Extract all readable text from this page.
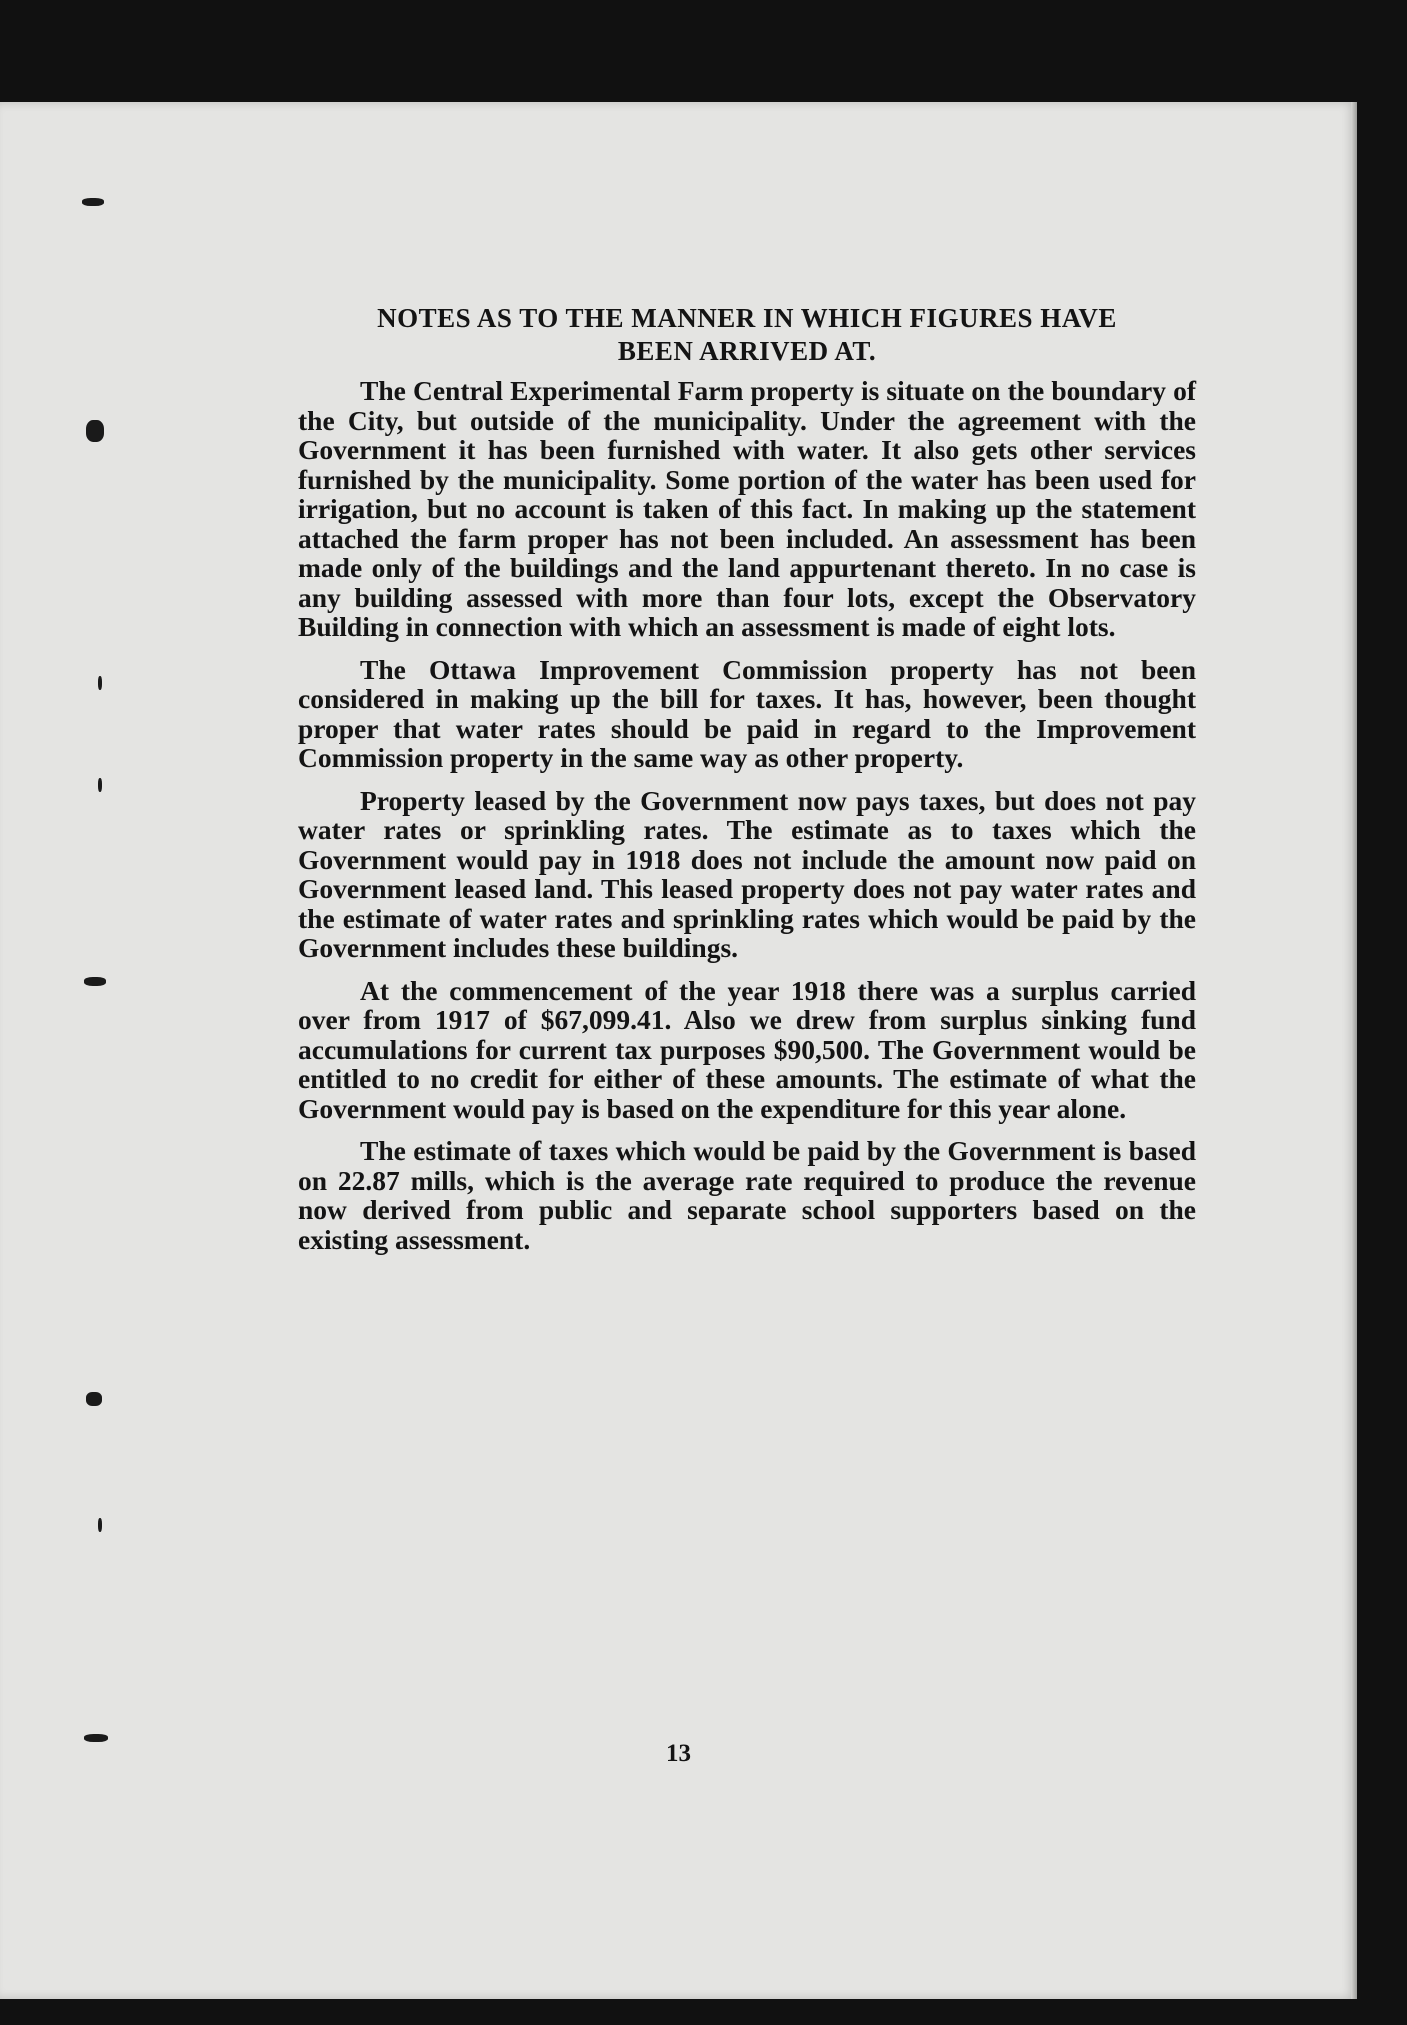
NOTES AS TO THE MANNER IN WHICH FIGURES HAVE
BEEN ARRIVED AT.

The Central Experimental Farm property is situate on the boundary of the City, but outside of the municipality. Under the agreement with the Government it has been furnished with water. It also gets other services furnished by the municipality. Some portion of the water has been used for irrigation, but no account is taken of this fact. In making up the statement attached the farm proper has not been included. An assessment has been made only of the buildings and the land appurtenant thereto. In no case is any building assessed with more than four lots, except the Observatory Building in connection with which an assessment is made of eight lots.

The Ottawa Improvement Commission property has not been considered in making up the bill for taxes. It has, however, been thought proper that water rates should be paid in regard to the Improvement Commission property in the same way as other property.

Property leased by the Government now pays taxes, but does not pay water rates or sprinkling rates. The estimate as to taxes which the Government would pay in 1918 does not include the amount now paid on Government leased land. This leased property does not pay water rates and the estimate of water rates and sprinkling rates which would be paid by the Government includes these buildings.

At the commencement of the year 1918 there was a surplus carried over from 1917 of $67,099.41. Also we drew from surplus sinking fund accumulations for current tax purposes $90,500. The Government would be entitled to no credit for either of these amounts. The estimate of what the Government would pay is based on the expenditure for this year alone.

The estimate of taxes which would be paid by the Government is based on 22.87 mills, which is the average rate required to produce the revenue now derived from public and separate school supporters based on the existing assessment.

13
